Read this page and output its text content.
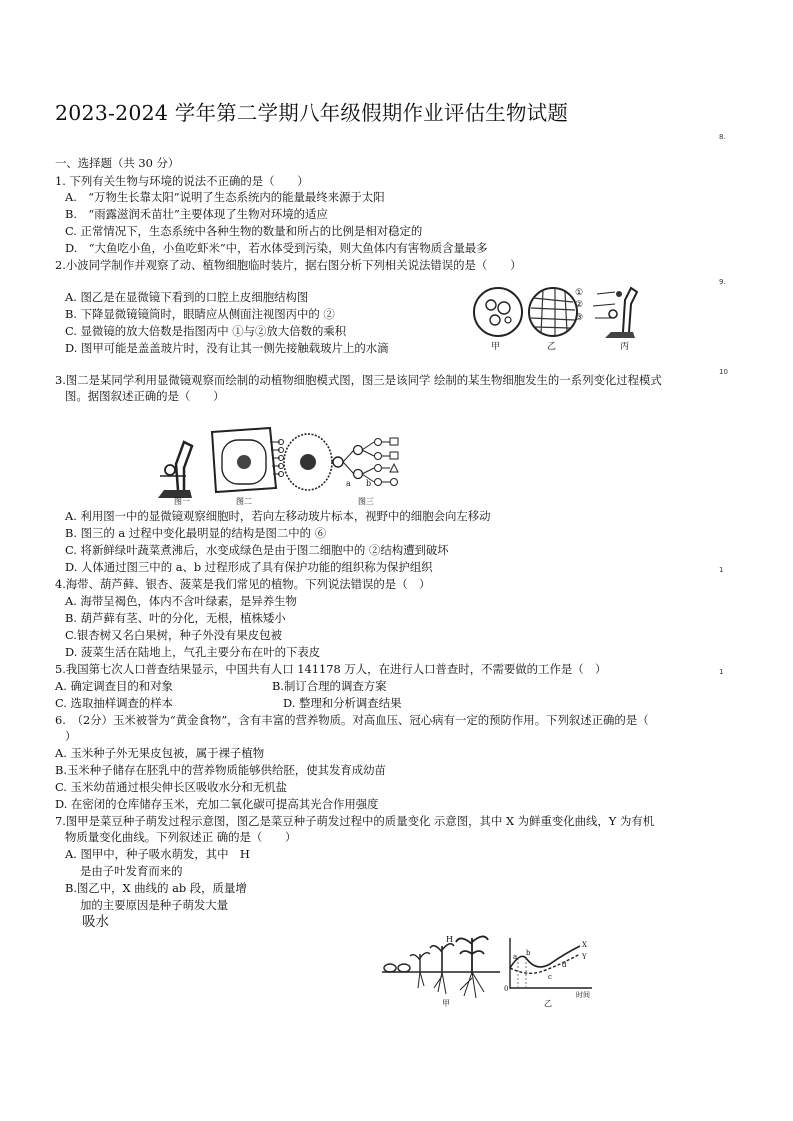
2023-2024 学年第二学期八年级假期作业评估生物试题
8.
9.
10
1
1
一、选择题（共 30 分）
1. 下列有关生物与环境的说法不正确的是（　　）
A.　“万物生长靠太阳”说明了生态系统内的能量最终来源于太阳
B.　“雨露滋润禾苗壮”主要体现了生物对环境的适应
C. 正常情况下，生态系统中各种生物的数量和所占的比例是相对稳定的
D.　“大鱼吃小鱼，小鱼吃虾米”中，若水体受到污染，则大鱼体内有害物质含量最多
2.小波同学制作并观察了动、植物细胞临时装片，据右图分析下列相关说法错误的是（　　）
A. 图乙是在显微镜下看到的口腔上皮细胞结构图
B. 下降显微镜镜筒时，眼睛应从侧面注视图丙中的 ②
C. 显微镜的放大倍数是指图丙中 ①与②放大倍数的乘积
D. 图甲可能是盖盖玻片时，没有让其一侧先接触载玻片上的水滴	甲	乙	丙
①
②
③
3.图二是某同学利用显微镜观察而绘制的动植物细胞模式图，图三是该同学 绘制的某生物细胞发生的一系列变化过程模式
图。据图叙述正确的是（　　）
图一	图二	图三
a b
A. 利用图一中的显微镜观察细胞时，若向左移动玻片标本，视野中的细胞会向左移动
B. 图三的 a 过程中变化最明显的结构是图二中的 ⑥
C. 将新鲜绿叶蔬菜煮沸后，水变成绿色是由于图二细胞中的 ②结构遭到破坏
D. 人体通过图三中的 a、b 过程形成了具有保护功能的组织称为保护组织
4.海带、葫芦藓、银杏、菠菜是我们常见的植物。下列说法错误的是（　）
A. 海带呈褐色，体内不含叶绿素，是异养生物
B. 葫芦藓有茎、叶的分化，无根，植株矮小
C.银杏树又名白果树，种子外没有果皮包被
D. 菠菜生活在陆地上，气孔主要分布在叶的下表皮
5.我国第七次人口普查结果显示，中国共有人口 141178 万人，在进行人口普查时，不需要做的工作是（　）
A. 确定调查目的和对象	B.制订合理的调查方案
C. 选取抽样调查的样本	D. 整理和分析调查结果
6.　（2分）玉米被誉为“黄金食物”，含有丰富的营养物质。对高血压、冠心病有一定的预防作用。下列叙述正确的是（
）
A. 玉米种子外无果皮包被，属于裸子植物
B.玉米种子储存在胚乳中的营养物质能够供给胚，使其发育成幼苗
C. 玉米幼苗通过根尖伸长区吸收水分和无机盐
D. 在密闭的仓库储存玉米，充加二氧化碳可提高其光合作用强度
7.图甲是菜豆种子萌发过程示意图，图乙是菜豆种子萌发过程中的质量变化 示意图，其中 X 为鲜重变化曲线，Y 为有机
物质量变化曲线。下列叙述正 确的是（　　）
A. 图甲中，种子吸水萌发，其中　H
是由子叶发育而来的
B.图乙中，X 曲线的 ab 段，质量增
加的主要原因是种子萌发大量
吸水
甲	乙
H
X
Y
a b
c
d
0
时间
